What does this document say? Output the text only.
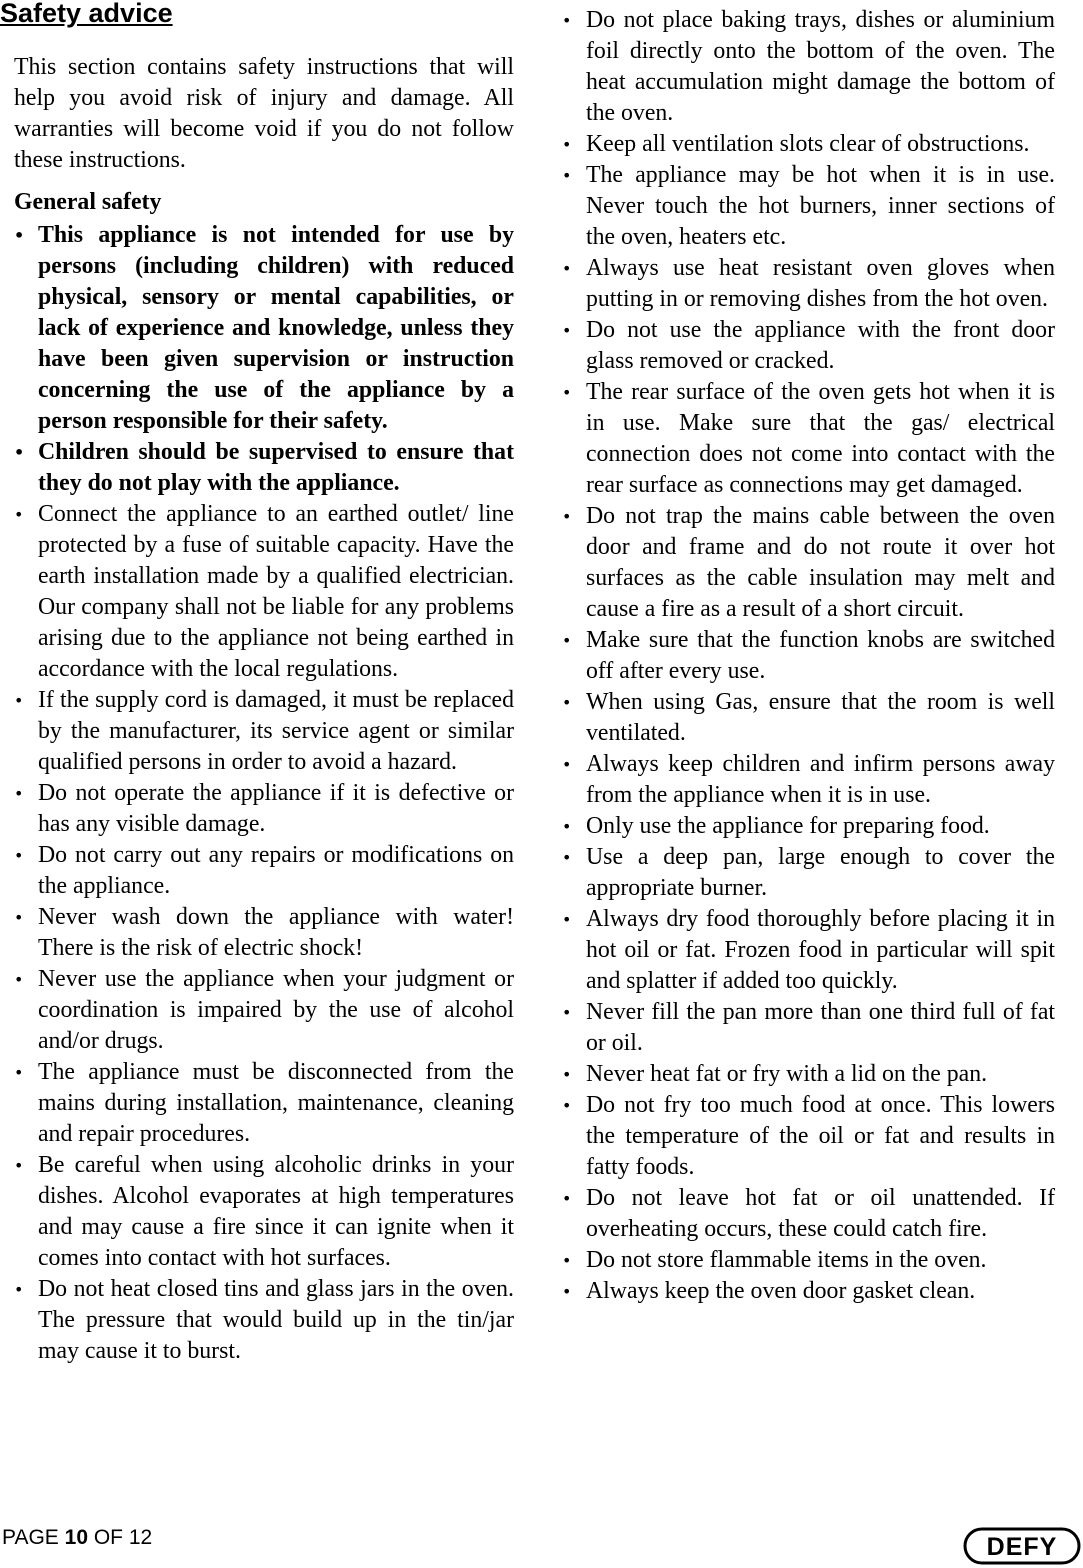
Safety advice

This section contains safety instructions that will help you avoid risk of injury and damage. All warranties will become void if you do not follow these instructions.

General safety

• This appliance is not intended for use by persons (including children) with reduced physical, sensory or mental capabilities, or lack of experience and knowledge, unless they have been given supervision or instruction concerning the use of the appliance by a person responsible for their safety.
• Children should be supervised to ensure that they do not play with the appliance.
• Connect the appliance to an earthed outlet/ line protected by a fuse of suitable capacity. Have the earth installation made by a qualified electrician. Our company shall not be liable for any problems arising due to the appliance not being earthed in accordance with the local regulations.
• If the supply cord is damaged, it must be replaced by the manufacturer, its service agent or similar qualified persons in order to avoid a hazard.
• Do not operate the appliance if it is defective or has any visible damage.
• Do not carry out any repairs or modifications on the appliance.
• Never wash down the appliance with water! There is the risk of electric shock!
• Never use the appliance when your judgment or coordination is impaired by the use of alcohol and/or drugs.
• The appliance must be disconnected from the mains during installation, maintenance, cleaning and repair procedures.
• Be careful when using alcoholic drinks in your dishes. Alcohol evaporates at high temperatures and may cause a fire since it can ignite when it comes into contact with hot surfaces.
• Do not heat closed tins and glass jars in the oven. The pressure that would build up in the tin/jar may cause it to burst.
• Do not place baking trays, dishes or aluminium foil directly onto the bottom of the oven. The heat accumulation might damage the bottom of the oven.
• Keep all ventilation slots clear of obstructions.
• The appliance may be hot when it is in use. Never touch the hot burners, inner sections of the oven, heaters etc.
• Always use heat resistant oven gloves when putting in or removing dishes from the hot oven.
• Do not use the appliance with the front door glass removed or cracked.
• The rear surface of the oven gets hot when it is in use. Make sure that the gas/ electrical connection does not come into contact with the rear surface as connections may get damaged.
• Do not trap the mains cable between the oven door and frame and do not route it over hot surfaces as the cable insulation may melt and cause a fire as a result of a short circuit.
• Make sure that the function knobs are switched off after every use.
• When using Gas, ensure that the room is well ventilated.
• Always keep children and infirm persons away from the appliance when it is in use.
• Only use the appliance for preparing food.
• Use a deep pan, large enough to cover the appropriate burner.
• Always dry food thoroughly before placing it in hot oil or fat. Frozen food in particular will spit and splatter if added too quickly.
• Never fill the pan more than one third full of fat or oil.
• Never heat fat or fry with a lid on the pan.
• Do not fry too much food at once. This lowers the temperature of the oil or fat and results in fatty foods.
• Do not leave hot fat or oil unattended. If overheating occurs, these could catch fire.
• Do not store flammable items in the oven.
• Always keep the oven door gasket clean.
PAGE 10 OF 12	DEFY
